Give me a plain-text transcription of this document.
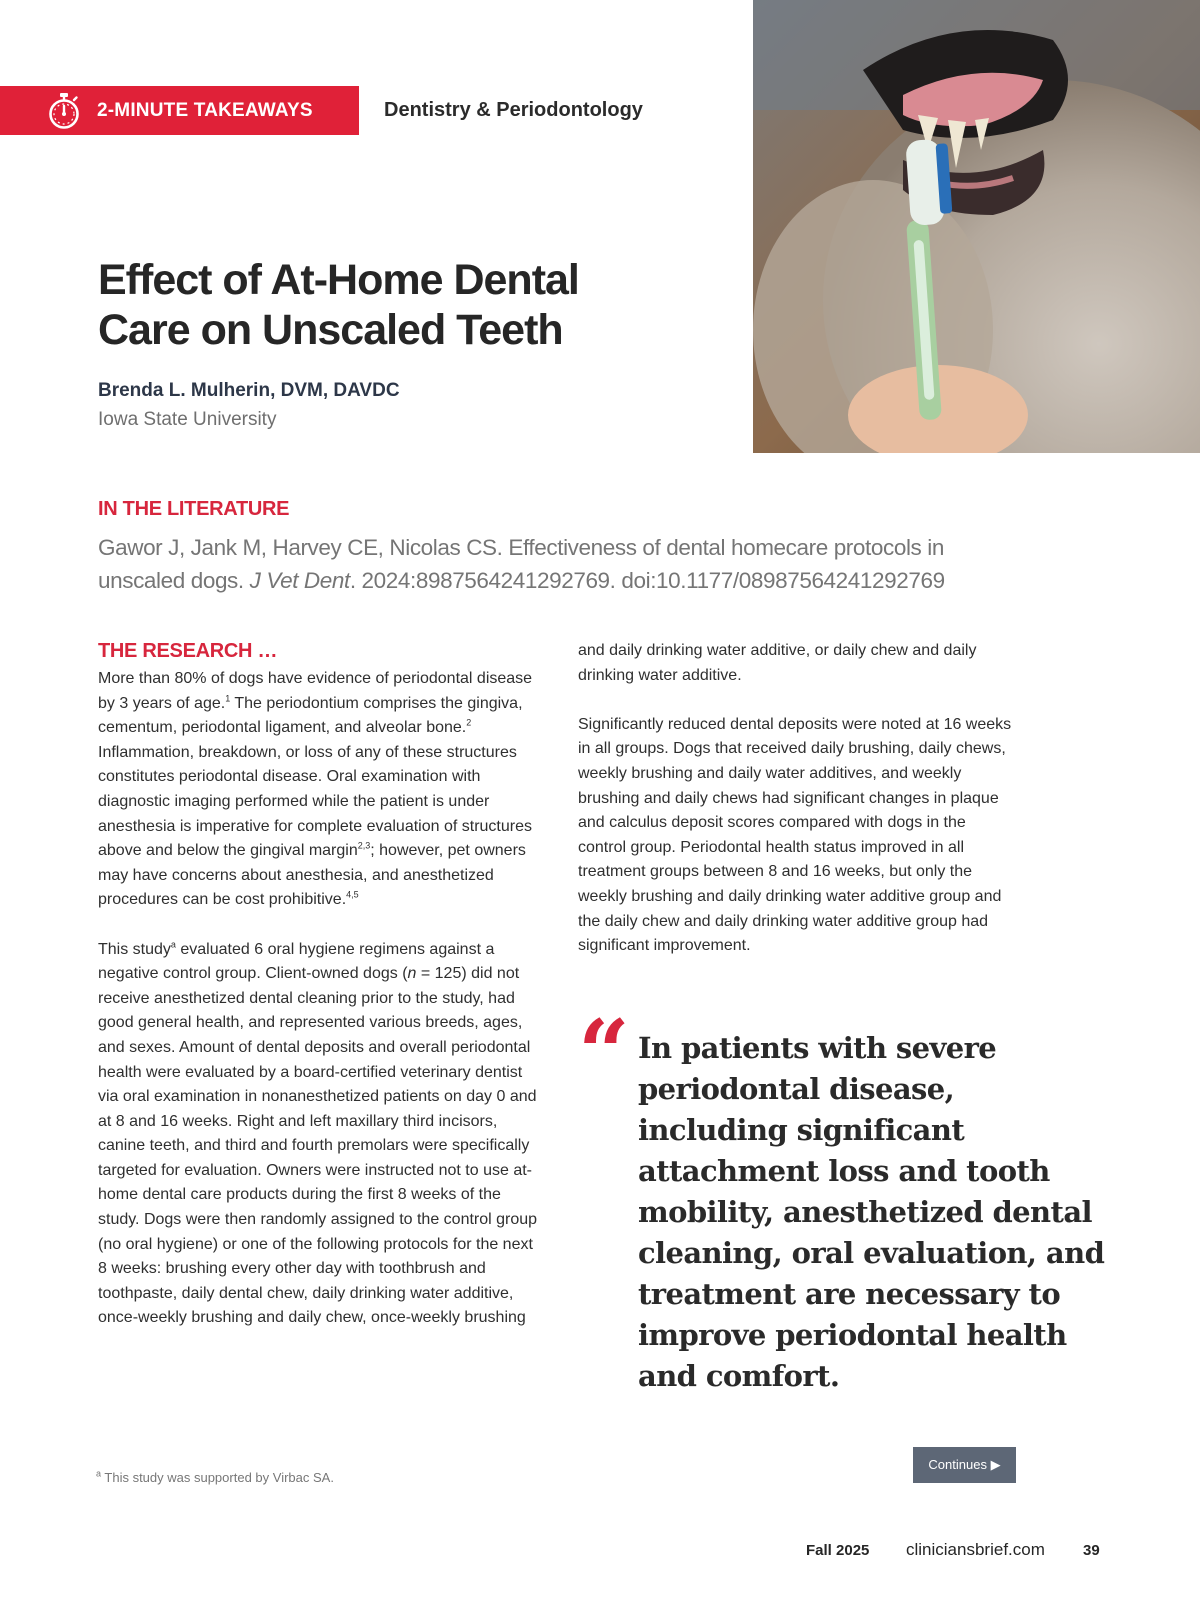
2-MINUTE TAKEAWAYS	Dentistry & Periodontology
Effect of At-Home Dental Care on Unscaled Teeth
Brenda L. Mulherin, DVM, DAVDC
Iowa State University
IN THE LITERATURE
Gawor J, Jank M, Harvey CE, Nicolas CS. Effectiveness of dental homecare protocols in unscaled dogs. J Vet Dent. 2024:8987564241292769. doi:10.1177/08987564241292769
THE RESEARCH …

More than 80% of dogs have evidence of periodontal disease by 3 years of age.$^1$ The periodontium comprises the gingiva, cementum, periodontal ligament, and alveolar bone.$^2$ Inflammation, breakdown, or loss of any of these structures constitutes periodontal disease. Oral examination with diagnostic imaging performed while the patient is under anesthesia is imperative for complete evaluation of structures above and below the gingival margin$^{2,3}$; however, pet owners may have concerns about anesthesia, and anesthetized procedures can be cost prohibitive.$^{4,5}$

This study$^a$ evaluated 6 oral hygiene regimens against a negative control group. Client-owned dogs (n = 125) did not receive anesthetized dental cleaning prior to the study, had good general health, and represented various breeds, ages, and sexes. Amount of dental deposits and overall periodontal health were evaluated by a board-certified veterinary dentist via oral examination in nonanesthetized patients on day 0 and at 8 and 16 weeks. Right and left maxillary third incisors, canine teeth, and third and fourth premolars were specifically targeted for evaluation. Owners were instructed not to use at-home dental care products during the first 8 weeks of the study. Dogs were then randomly assigned to the control group (no oral hygiene) or one of the following protocols for the next 8 weeks: brushing every other day with toothbrush and toothpaste, daily dental chew, daily drinking water additive, once-weekly brushing and daily chew, once-weekly brushing

and daily drinking water additive, or daily chew and daily drinking water additive.

Significantly reduced dental deposits were noted at 16 weeks in all groups. Dogs that received daily brushing, daily chews, weekly brushing and daily water additives, and weekly brushing and daily chews had significant changes in plaque and calculus deposit scores compared with dogs in the control group. Periodontal health status improved in all treatment groups between 8 and 16 weeks, but only the weekly brushing and daily drinking water additive group and the daily chew and daily drinking water additive group had significant improvement.

“ In patients with severe periodontal disease, including significant attachment loss and tooth mobility, anesthetized dental cleaning, oral evaluation, and treatment are necessary to improve periodontal health and comfort.
Continues ▶
$^a$ This study was supported by Virbac SA.
Fall 2025 cliniciansbrief.com	39
